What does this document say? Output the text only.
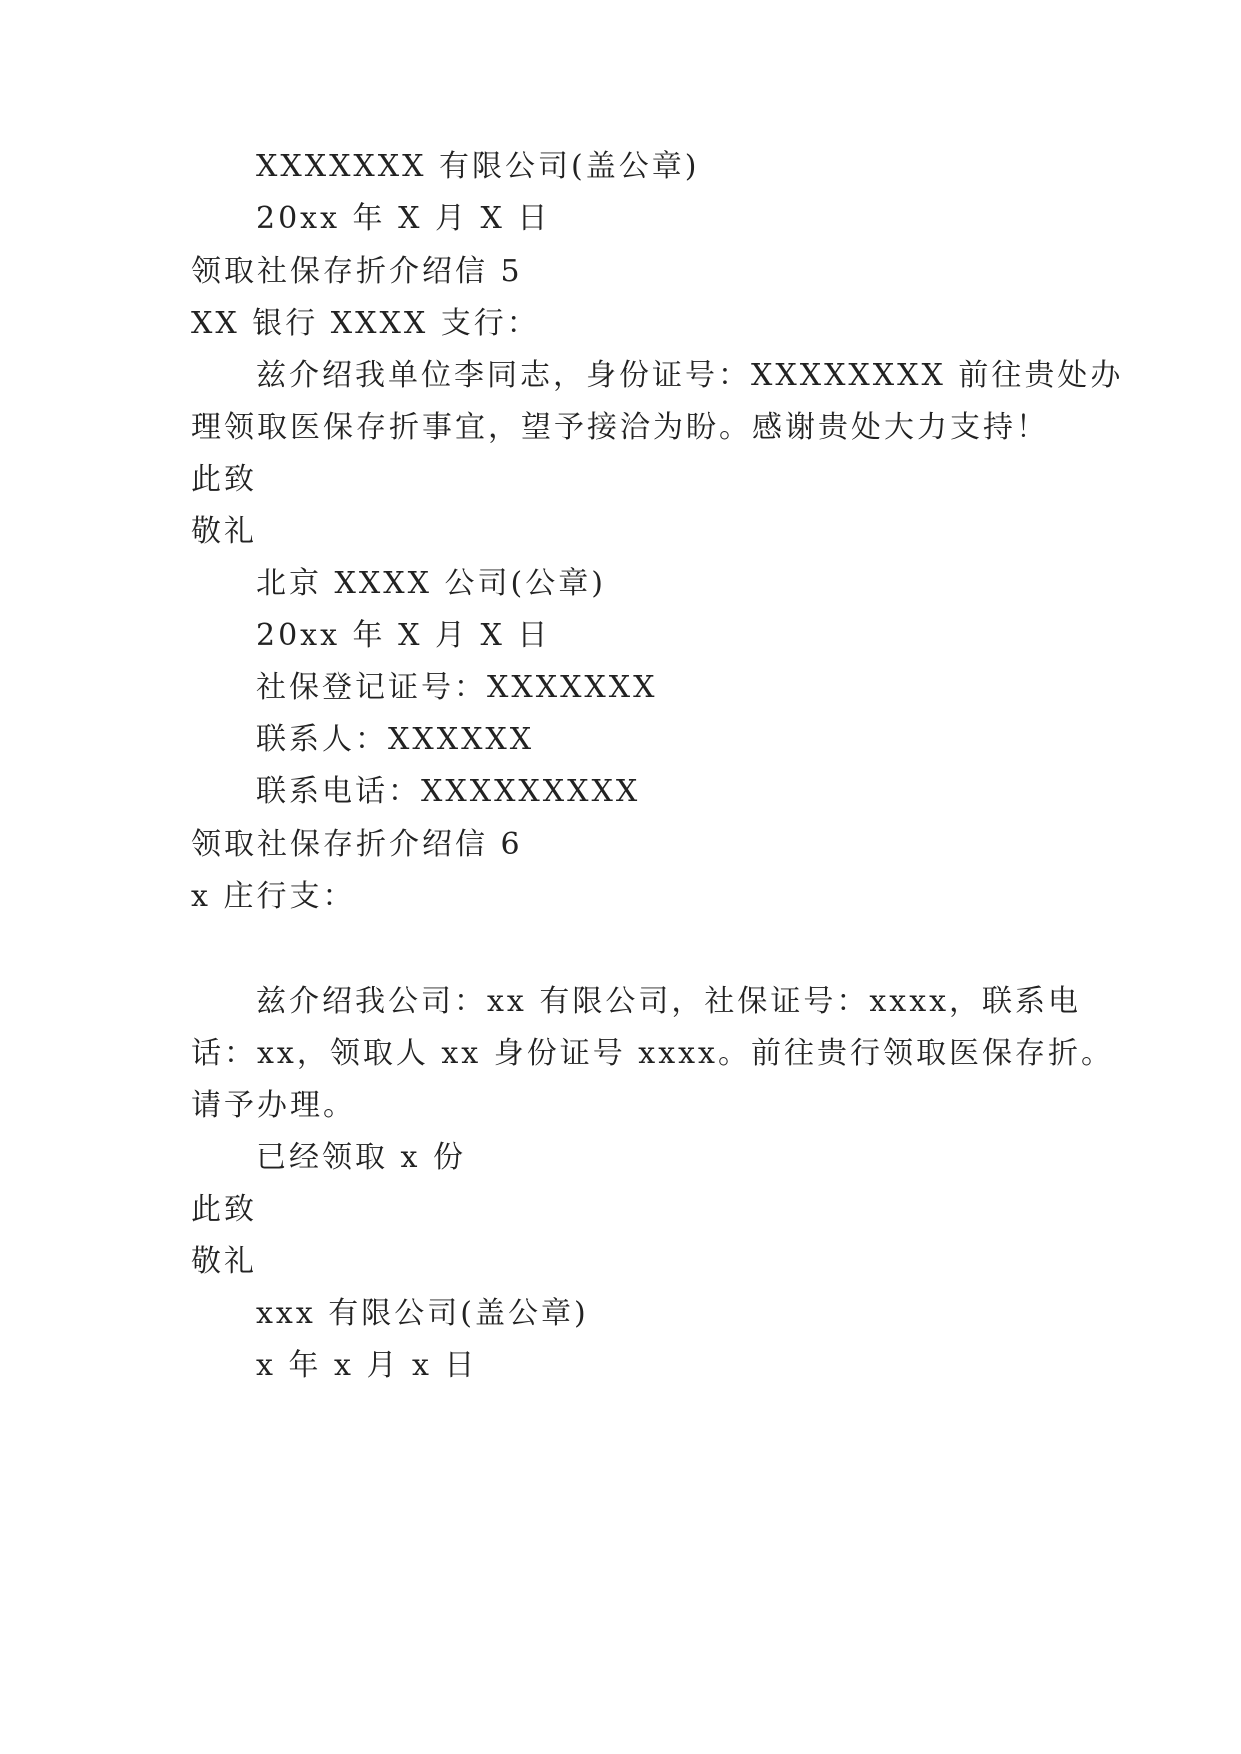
XXXXXXX 有限公司(盖公章)
20xx 年 X 月 X 日
领取社保存折介绍信 5
XX 银行 XXXX 支行：
兹介绍我单位李同志，身份证号：XXXXXXXX 前往贵处办
理领取医保存折事宜，望予接洽为盼。感谢贵处大力支持！
此致
敬礼
北京 XXXX 公司(公章)
20xx 年 X 月 X 日
社保登记证号：XXXXXXX
联系人：XXXXXX
联系电话：XXXXXXXXX
领取社保存折介绍信 6
x 庄行支：
兹介绍我公司：xx 有限公司，社保证号：xxxx，联系电
话：xx，领取人 xx 身份证号 xxxx。前往贵行领取医保存折。
请予办理。
已经领取 x 份
此致
敬礼
xxx 有限公司(盖公章)
x 年 x 月 x 日
